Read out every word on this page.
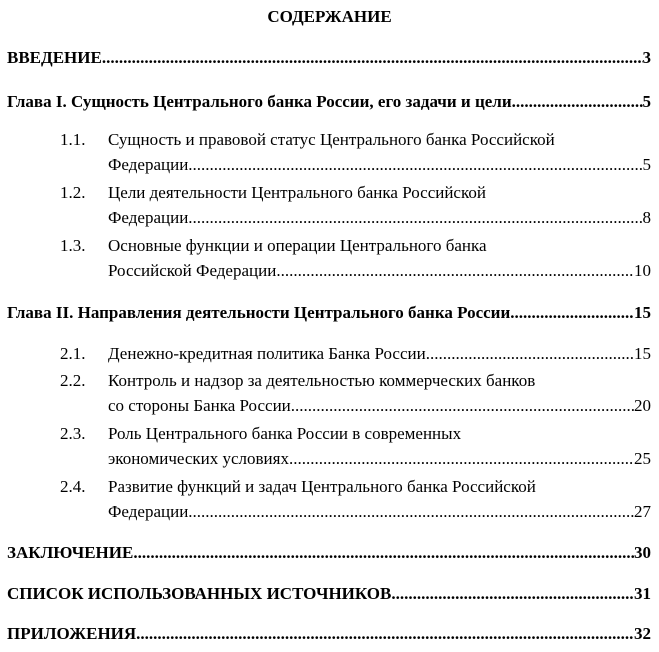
СОДЕРЖАНИЕ
ВВЕДЕНИЕ .....	3
Глава I. Сущность Центрального банка России, его задачи и цели .....	5
1.1. Сущность и правовой статус Центрального банка Российской
Федерации .....	5
1.2. Цели деятельности Центрального банка Российской
Федерации .....	8
1.3. Основные функции и операции Центрального банка
Российской Федерации .....	10
Глава II. Направления деятельности Центрального банка России .....	15
2.1. Денежно-кредитная политика Банка России .....	15
2.2. Контроль и надзор за деятельностью коммерческих банков
со стороны Банка России .....	20
2.3. Роль Центрального банка России в современных
экономических условиях .....	25
2.4. Развитие функций и задач Центрального банка Российской
Федерации .....	27
ЗАКЛЮЧЕНИЕ .....	30
СПИСОК ИСПОЛЬЗОВАННЫХ ИСТОЧНИКОВ .....	31
ПРИЛОЖЕНИЯ .....	32
